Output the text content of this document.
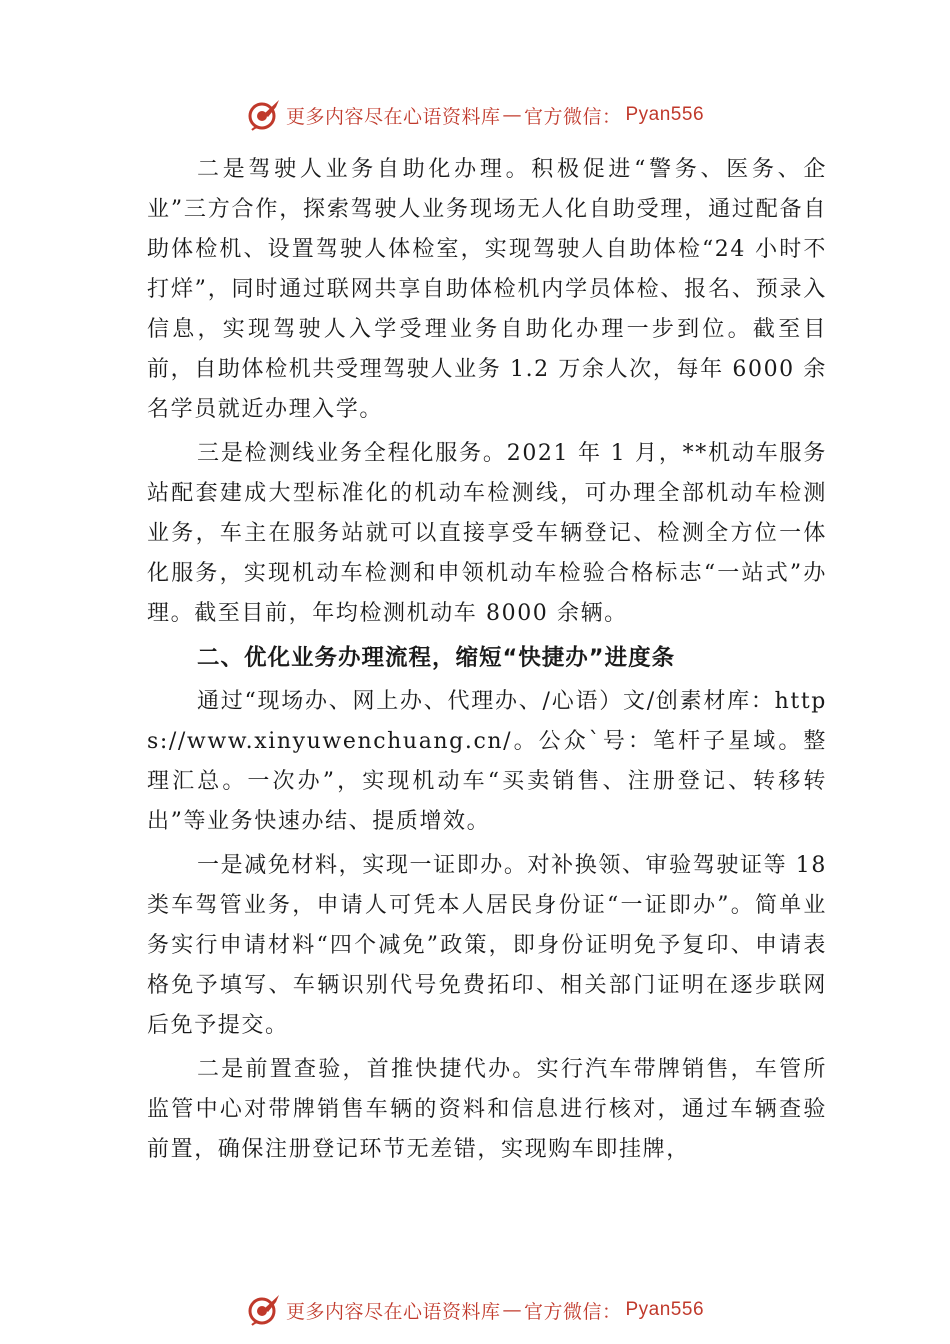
更多内容尽在心语资料库 — 官方微信： Pyan556

二是驾驶人业务自助化办理。积极促进“警务、医务、企业”三方合作，探索驾驶人业务现场无人化自助受理，通过配备自助体检机、设置驾驶人体检室，实现驾驶人自助体检“24 小时不打烊”，同时通过联网共享自助体检机内学员体检、报名、预录入信息，实现驾驶人入学受理业务自助化办理一步到位。截至目前，自助体检机共受理驾驶人业务 1.2 万余人次，每年 6000 余名学员就近办理入学。

三是检测线业务全程化服务。2021 年 1 月，**机动车服务站配套建成大型标准化的机动车检测线，可办理全部机动车检测业务，车主在服务站就可以直接享受车辆登记、检测全方位一体化服务，实现机动车检测和申领机动车检验合格标志“一站式”办理。截至目前，年均检测机动车 8000 余辆。

二、优化业务办理流程，缩短“快捷办”进度条

通过“现场办、网上办、代理办、/心语）文/创素材库：https://www.xinyuwenchuang.cn/。公众`号：笔杆子星域。整理汇总。一次办”，实现机动车“买卖销售、注册登记、转移转出”等业务快速办结、提质增效。

一是减免材料，实现一证即办。对补换领、审验驾驶证等 18 类车驾管业务，申请人可凭本人居民身份证“一证即办”。简单业务实行申请材料“四个减免”政策，即身份证明免予复印、申请表格免予填写、车辆识别代号免费拓印、相关部门证明在逐步联网后免予提交。

二是前置查验，首推快捷代办。实行汽车带牌销售，车管所监管中心对带牌销售车辆的资料和信息进行核对，通过车辆查验前置，确保注册登记环节无差错，实现购车即挂牌，

更多内容尽在心语资料库 — 官方微信： Pyan556
